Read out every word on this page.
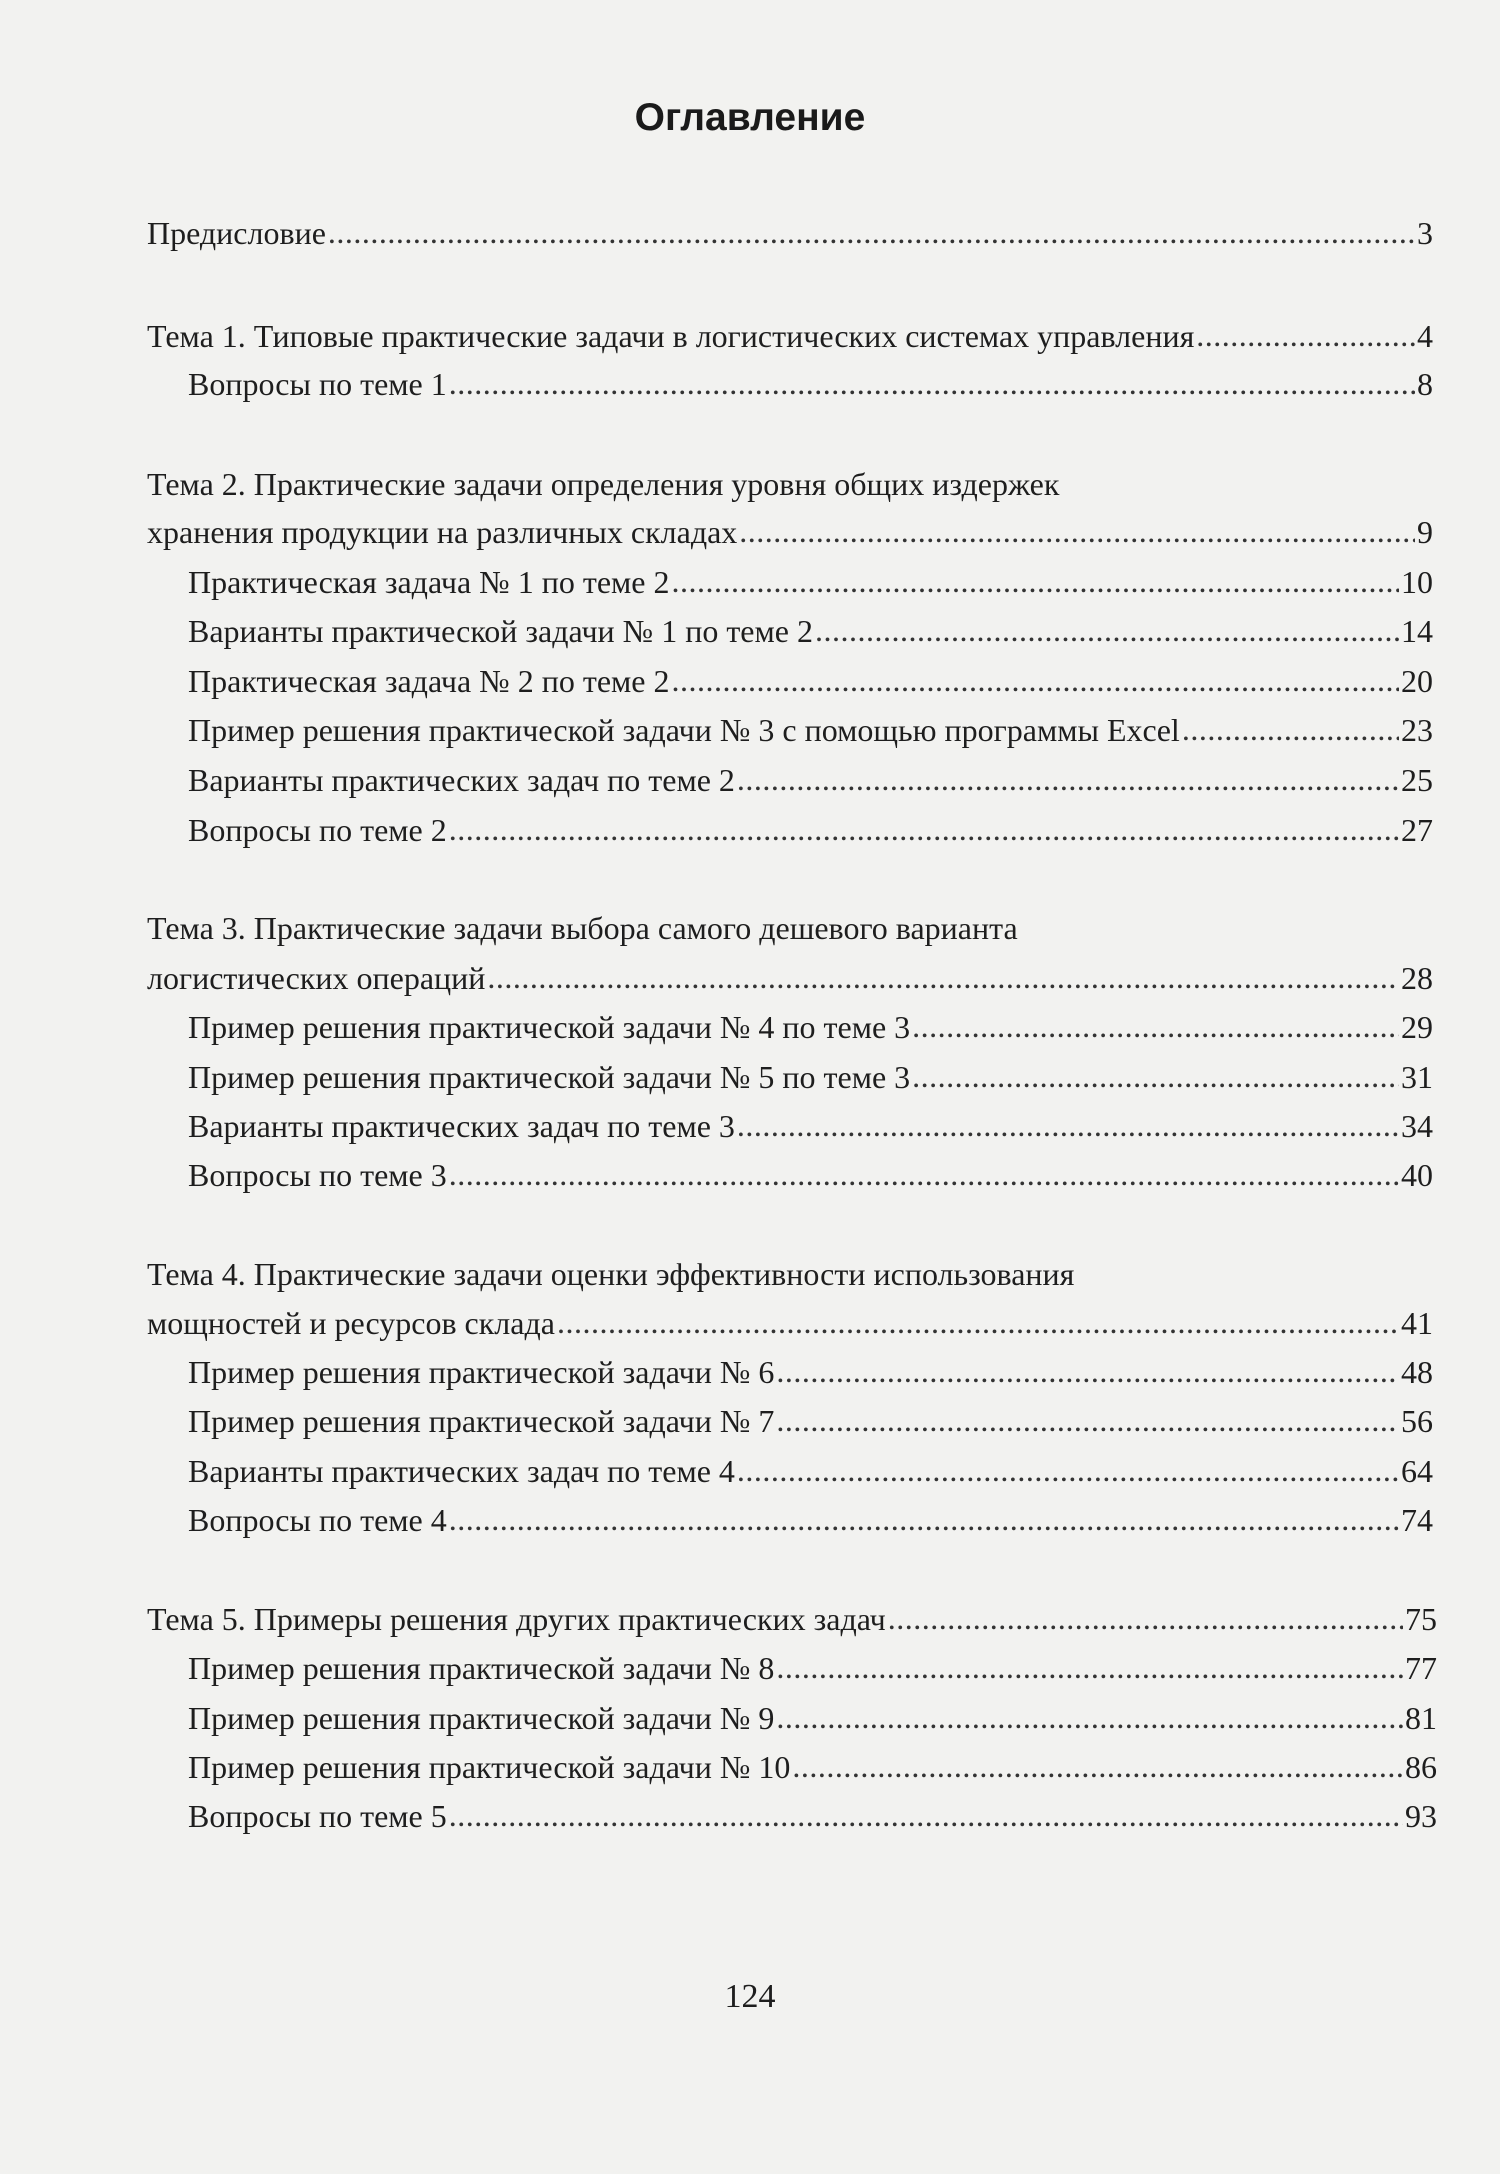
Оглавление
Предисловие .....	3
Тема 1. Типовые практические задачи в логистических системах управления .....	4
Вопросы по теме 1 .....	8
Тема 2. Практические задачи определения уровня общих издержек
хранения продукции на различных складах .....	9
Практическая задача № 1 по теме 2 .....	10
Варианты практической задачи № 1 по теме 2 .....	14
Практическая задача № 2 по теме 2 .....	20
Пример решения практической задачи № 3 с помощью программы Excel .....	23
Варианты практических задач по теме 2 .....	25
Вопросы по теме 2 .....	27
Тема 3. Практические задачи выбора самого дешевого варианта
логистических операций .....	28
Пример решения практической задачи № 4 по теме 3 .....	29
Пример решения практической задачи № 5 по теме 3 .....	31
Варианты практических задач по теме 3 .....	34
Вопросы по теме 3 .....	40
Тема 4. Практические задачи оценки эффективности использования
мощностей и ресурсов склада .....	41
Пример решения практической задачи № 6 .....	48
Пример решения практической задачи № 7 .....	56
Варианты практических задач по теме 4 .....	64
Вопросы по теме 4 .....	74
Тема 5. Примеры решения других практических задач .....	75
Пример решения практической задачи № 8 .....	77
Пример решения практической задачи № 9 .....	81
Пример решения практической задачи № 10 .....	86
Вопросы по теме 5 .....	93
124
